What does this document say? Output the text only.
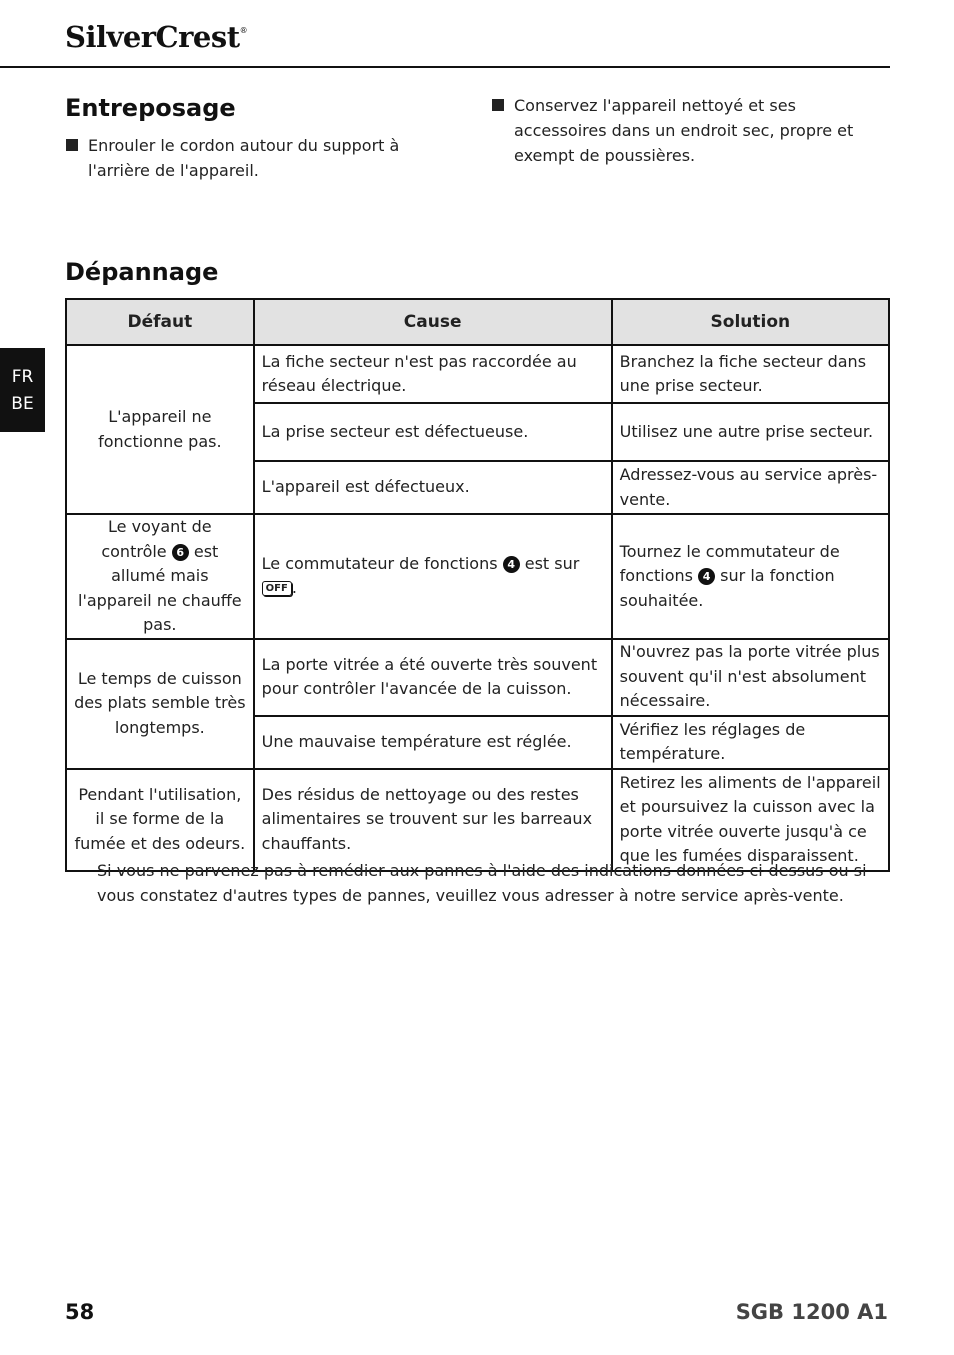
SilverCrest®
FR
BE
Entreposage
Enrouler le cordon autour du support à l'arrière de l'appareil.
Conservez l'appareil nettoyé et ses accessoires dans un endroit sec, propre et exempt de poussières.
Dépannage
Défaut	Cause	Solution
L'appareil ne fonctionne pas.	La fiche secteur n'est pas raccordée au réseau électrique.	Branchez la fiche secteur dans une prise secteur.
	La prise secteur est défectueuse.	Utilisez une autre prise secteur.
	L'appareil est défectueux.	Adressez-vous au service après-vente.
Le voyant de contrôle 6 est allumé mais l'appareil ne chauffe pas.	Le commutateur de fonctions 4 est sur OFF .	Tournez le commutateur de fonctions 4 sur la fonction souhaitée.
Le temps de cuisson des plats semble très longtemps.	La porte vitrée a été ouverte très souvent pour contrôler l'avancée de la cuisson.	N'ouvrez pas la porte vitrée plus souvent qu'il n'est absolument nécessaire.
	Une mauvaise température est réglée.	Vérifiez les réglages de température.
Pendant l'utilisation, il se forme de la fumée et des odeurs.	Des résidus de nettoyage ou des restes alimentaires se trouvent sur les barreaux chauffants.	Retirez les aliments de l'appareil et poursuivez la cuisson avec la porte vitrée ouverte jusqu'à ce que les fumées disparaissent.
Si vous ne parvenez pas à remédier aux pannes à l'aide des indications données ci-dessus ou si vous constatez d'autres types de pannes, veuillez vous adresser à notre service après-vente.
58	SGB 1200 A1
